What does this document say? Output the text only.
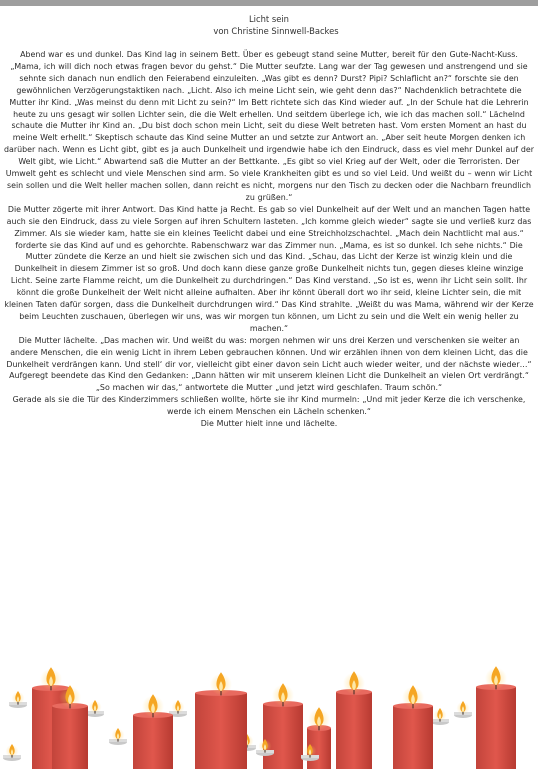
Licht sein
von Christine Sinnwell-Backes

Abend war es und dunkel. Das Kind lag in seinem Bett. Über es gebeugt stand seine Mutter, bereit für den Gute-Nacht-Kuss. „Mama, ich will dich noch etwas fragen bevor du gehst.“ Die Mutter seufzte. Lang war der Tag gewesen und anstrengend und sie sehnte sich danach nun endlich den Feierabend einzuleiten. „Was gibt es denn? Durst? Pipi? Schlaflicht an?“ forschte sie den gewöhnlichen Verzögerungstaktiken nach. „Licht. Also ich meine Licht sein, wie geht denn das?“ Nachdenklich betrachtete die Mutter ihr Kind. „Was meinst du denn mit Licht zu sein?“ Im Bett richtete sich das Kind wieder auf. „In der Schule hat die Lehrerin heute zu uns gesagt wir sollen Lichter sein, die die Welt erhellen. Und seitdem überlege ich, wie ich das machen soll.“ Lächelnd schaute die Mutter ihr Kind an. „Du bist doch schon mein Licht, seit du diese Welt betreten hast. Vom ersten Moment an hast du meine Welt erhellt.“ Skeptisch schaute das Kind seine Mutter an und setzte zur Antwort an. „Aber seit heute Morgen denken ich darüber nach. Wenn es Licht gibt, gibt es ja auch Dunkelheit und irgendwie habe ich den Eindruck, dass es viel mehr Dunkel auf der Welt gibt, wie Licht.“ Abwartend saß die Mutter an der Bettkante. „Es gibt so viel Krieg auf der Welt, oder die Terroristen. Der Umwelt geht es schlecht und viele Menschen sind arm. So viele Krankheiten gibt es und so viel Leid. Und weißt du – wenn wir Licht sein sollen und die Welt heller machen sollen, dann reicht es nicht, morgens nur den Tisch zu decken oder die Nachbarn freundlich zu grüßen.“

Die Mutter zögerte mit ihrer Antwort. Das Kind hatte ja Recht. Es gab so viel Dunkelheit auf der Welt und an manchen Tagen hatte auch sie den Eindruck, dass zu viele Sorgen auf ihren Schultern lasteten. „Ich komme gleich wieder“ sagte sie und verließ kurz das Zimmer. Als sie wieder kam, hatte sie ein kleines Teelicht dabei und eine Streichholzschachtel. „Mach dein Nachtlicht mal aus.“ forderte sie das Kind auf und es gehorchte. Rabenschwarz war das Zimmer nun. „Mama, es ist so dunkel. Ich sehe nichts.“ Die Mutter zündete die Kerze an und hielt sie zwischen sich und das Kind. „Schau, das Licht der Kerze ist winzig klein und die Dunkelheit in diesem Zimmer ist so groß. Und doch kann diese ganze große Dunkelheit nichts tun, gegen dieses kleine winzige Licht. Seine zarte Flamme reicht, um die Dunkelheit zu durchdringen.“ Das Kind verstand. „So ist es, wenn ihr Licht sein sollt. Ihr könnt die große Dunkelheit der Welt nicht alleine aufhalten. Aber ihr könnt überall dort wo ihr seid, kleine Lichter sein, die mit kleinen Taten dafür sorgen, dass die Dunkelheit durchdrungen wird.“ Das Kind strahlte. „Weißt du was Mama, während wir der Kerze beim Leuchten zuschauen, überlegen wir uns, was wir morgen tun können, um Licht zu sein und die Welt ein wenig heller zu machen.“

Die Mutter lächelte. „Das machen wir. Und weißt du was: morgen nehmen wir uns drei Kerzen und verschenken sie weiter an andere Menschen, die ein wenig Licht in ihrem Leben gebrauchen können. Und wir erzählen ihnen von dem kleinen Licht, das die Dunkelheit verdrängen kann. Und stell‘ dir vor, vielleicht gibt einer davon sein Licht auch wieder weiter, und der nächste wieder…“ Aufgeregt beendete das Kind den Gedanken: „Dann hätten wir mit unserem kleinen Licht die Dunkelheit an vielen Ort verdrängt.“ „So machen wir das,“ antwortete die Mutter „und jetzt wird geschlafen. Traum schön.“

Gerade als sie die Tür des Kinderzimmers schließen wollte, hörte sie ihr Kind murmeln: „Und mit jeder Kerze die ich verschenke, werde ich einem Menschen ein Lächeln schenken.“

Die Mutter hielt inne und lächelte.
